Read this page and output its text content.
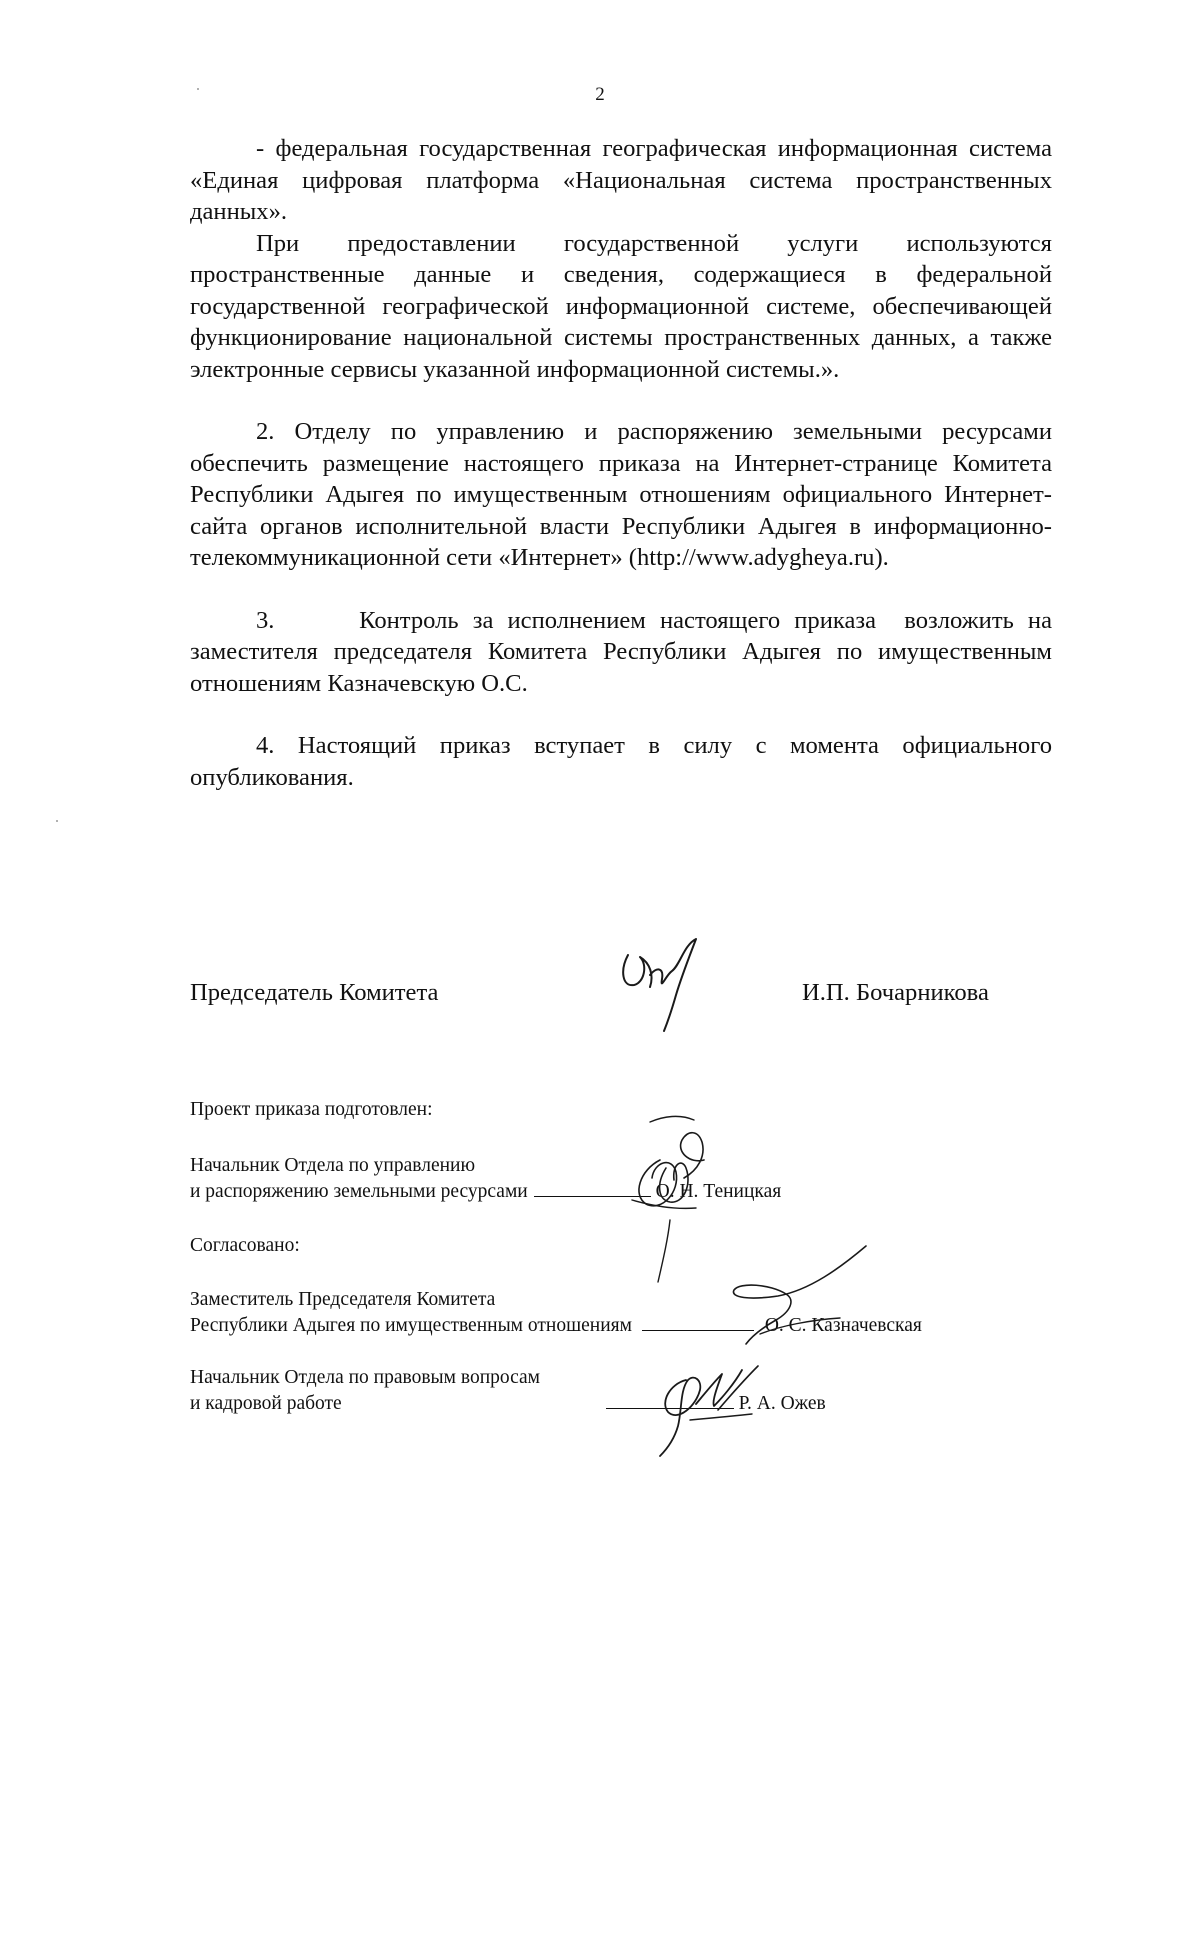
2

- федеральная государственная географическая информационная система «Единая цифровая платформа «Национальная система пространственных данных».

При предоставлении государственной услуги используются пространственные данные и сведения, содержащиеся в федеральной государственной географической информационной системе, обеспечивающей функционирование национальной системы пространственных данных, а также электронные сервисы указанной информационной системы.».

2. Отделу по управлению и распоряжению земельными ресурсами обеспечить размещение настоящего приказа на Интернет-странице Комитета Республики Адыгея по имущественным отношениям официального Интернет-сайта органов исполнительной власти Республики Адыгея в информационно-телекоммуникационной сети «Интернет» (http://www.adygheya.ru).

3.      Контроль за исполнением настоящего приказа  возложить на заместителя председателя Комитета Республики Адыгея по имущественным отношениям Казначевскую О.С.

4. Настоящий приказ вступает в силу с момента официального опубликования.

Председатель Комитета	И.П. Бочарникова
Проект приказа подготовлен:
Начальник Отдела по управлению
и распоряжению земельными ресурсами	О. Н. Теницкая
Согласовано:
Заместитель Председателя Комитета
Республики Адыгея по имущественным отношениям	О. С. Казначевская
Начальник Отдела по правовым вопросам
и кадровой работе	Р. А. Ожев
